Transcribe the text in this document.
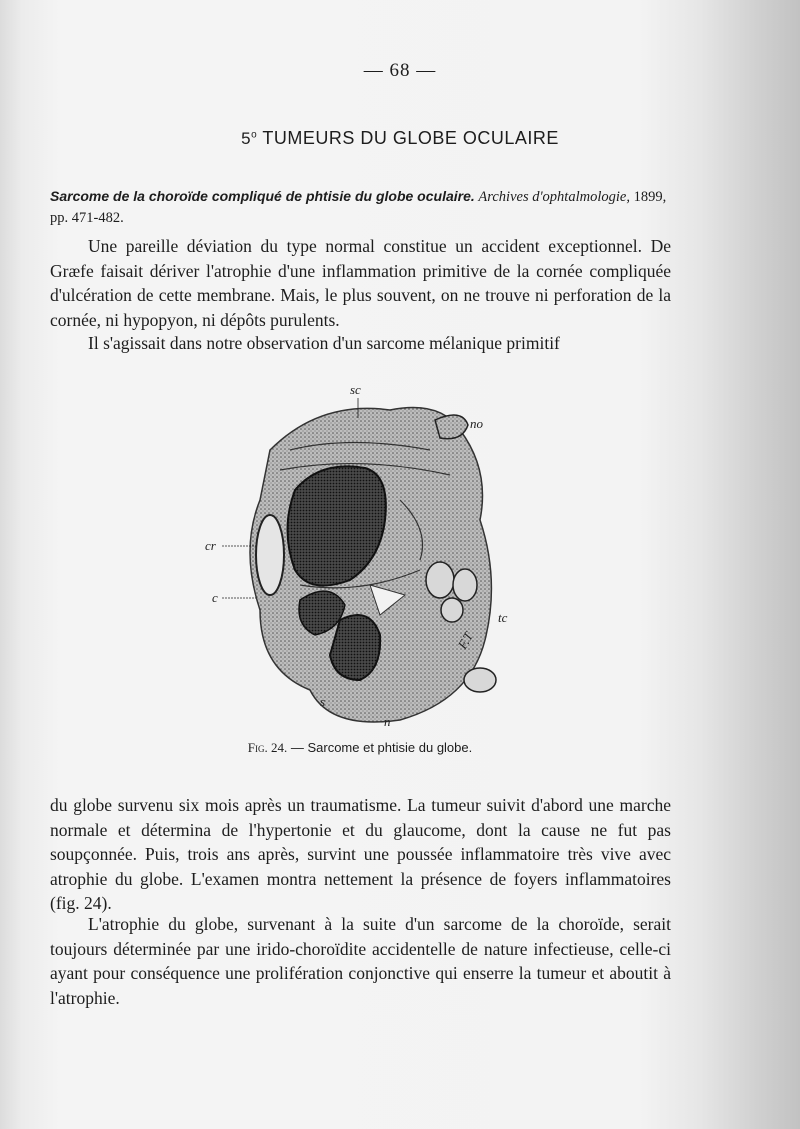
— 68 —
5$^o$ TUMEURS DU GLOBE OCULAIRE
Sarcome de la choroïde compliqué de phtisie du globe oculaire. Archives d'ophtalmologie, 1899, pp. 471-482.

Une pareille déviation du type normal constitue un accident exceptionnel. De Græfe faisait dériver l'atrophie d'une inflammation primitive de la cornée compliquée d'ulcération de cette membrane. Mais, le plus souvent, on ne trouve ni perforation de la cornée, ni hypopyon, ni dépôts purulents.

Il s'agissait dans notre observation d'un sarcome mélanique primitif

sc
no
cr
c
tc
F.T
s
n
Fig. 24. — Sarcome et phtisie du globe.

du globe survenu six mois après un traumatisme. La tumeur suivit d'abord une marche normale et détermina de l'hypertonie et du glaucome, dont la cause ne fut pas soupçonnée. Puis, trois ans après, survint une poussée inflammatoire très vive avec atrophie du globe. L'examen montra nettement la présence de foyers inflammatoires (fig. 24).

L'atrophie du globe, survenant à la suite d'un sarcome de la choroïde, serait toujours déterminée par une irido-choroïdite accidentelle de nature infectieuse, celle-ci ayant pour conséquence une prolifération conjonctive qui enserre la tumeur et aboutit à l'atrophie.
